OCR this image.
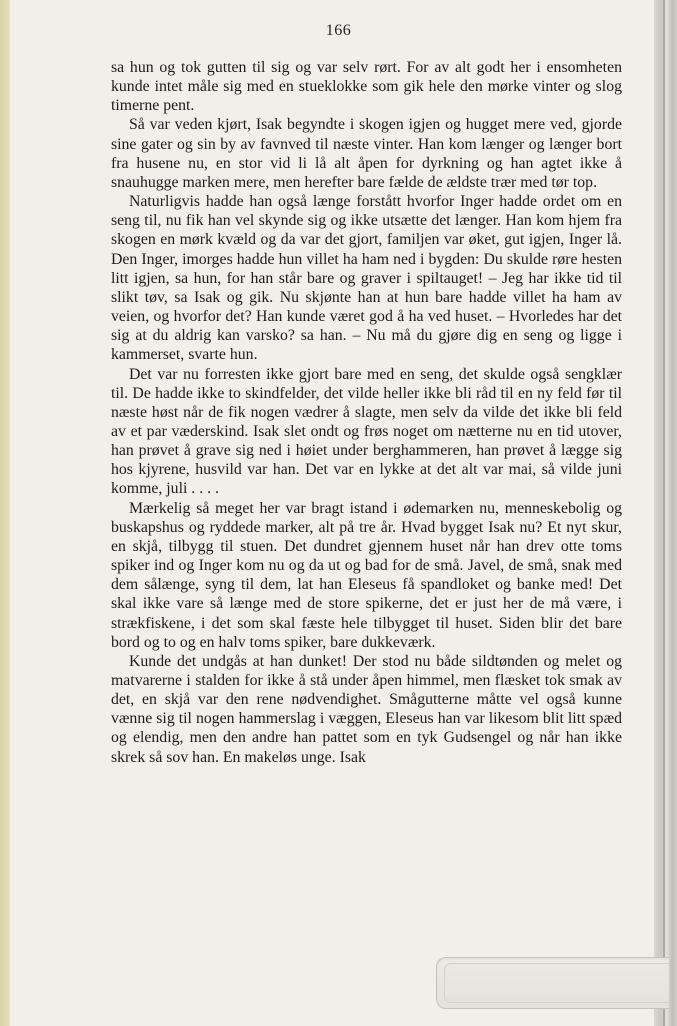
166

sa hun og tok gutten til sig og var selv rørt. For av alt godt her i ensomheten kunde intet måle sig med en stueklokke som gik hele den mørke vinter og slog timerne pent.

Så var veden kjørt, Isak begyndte i skogen igjen og hugget mere ved, gjorde sine gater og sin by av favnved til næste vinter. Han kom længer og længer bort fra husene nu, en stor vid li lå alt åpen for dyrkning og han agtet ikke å snauhugge marken mere, men herefter bare fælde de ældste trær med tør top.

Naturligvis hadde han også længe forstått hvorfor Inger hadde ordet om en seng til, nu fik han vel skynde sig og ikke utsætte det længer. Han kom hjem fra skogen en mørk kvæld og da var det gjort, familjen var øket, gut igjen, Inger lå. Den Inger, imorges hadde hun villet ha ham ned i bygden: Du skulde røre hesten litt igjen, sa hun, for han står bare og graver i spiltauget! – Jeg har ikke tid til slikt tøv, sa Isak og gik. Nu skjønte han at hun bare hadde villet ha ham av veien, og hvorfor det? Han kunde været god å ha ved huset. – Hvorledes har det sig at du aldrig kan varsko? sa han. – Nu må du gjøre dig en seng og ligge i kammerset, svarte hun.

Det var nu forresten ikke gjort bare med en seng, det skulde også sengklær til. De hadde ikke to skindfelder, det vilde heller ikke bli råd til en ny feld før til næste høst når de fik nogen vædrer å slagte, men selv da vilde det ikke bli feld av et par væderskind. Isak slet ondt og frøs noget om nætterne nu en tid utover, han prøvet å grave sig ned i høiet under berghammeren, han prøvet å lægge sig hos kjyrene, husvild var han. Det var en lykke at det alt var mai, så vilde juni komme, juli . . . .

Mærkelig så meget her var bragt istand i ødemarken nu, menneskebolig og buskapshus og ryddede marker, alt på tre år. Hvad bygget Isak nu? Et nyt skur, en skjå, tilbygg til stuen. Det dundret gjennem huset når han drev otte toms spiker ind og Inger kom nu og da ut og bad for de små. Javel, de små, snak med dem sålænge, syng til dem, lat han Eleseus få spandloket og banke med! Det skal ikke vare så længe med de store spikerne, det er just her de må være, i strækfiskene, i det som skal fæste hele tilbygget til huset. Siden blir det bare bord og to og en halv toms spiker, bare dukkeværk.

Kunde det undgås at han dunket! Der stod nu både sildtønden og melet og matvarerne i stalden for ikke å stå under åpen himmel, men flæsket tok smak av det, en skjå var den rene nødvendighet. Smågutterne måtte vel også kunne vænne sig til nogen hammerslag i væggen, Eleseus han var likesom blit litt spæd og elendig, men den andre han pattet som en tyk Gudsengel og når han ikke skrek så sov han. En makeløs unge. Isak
